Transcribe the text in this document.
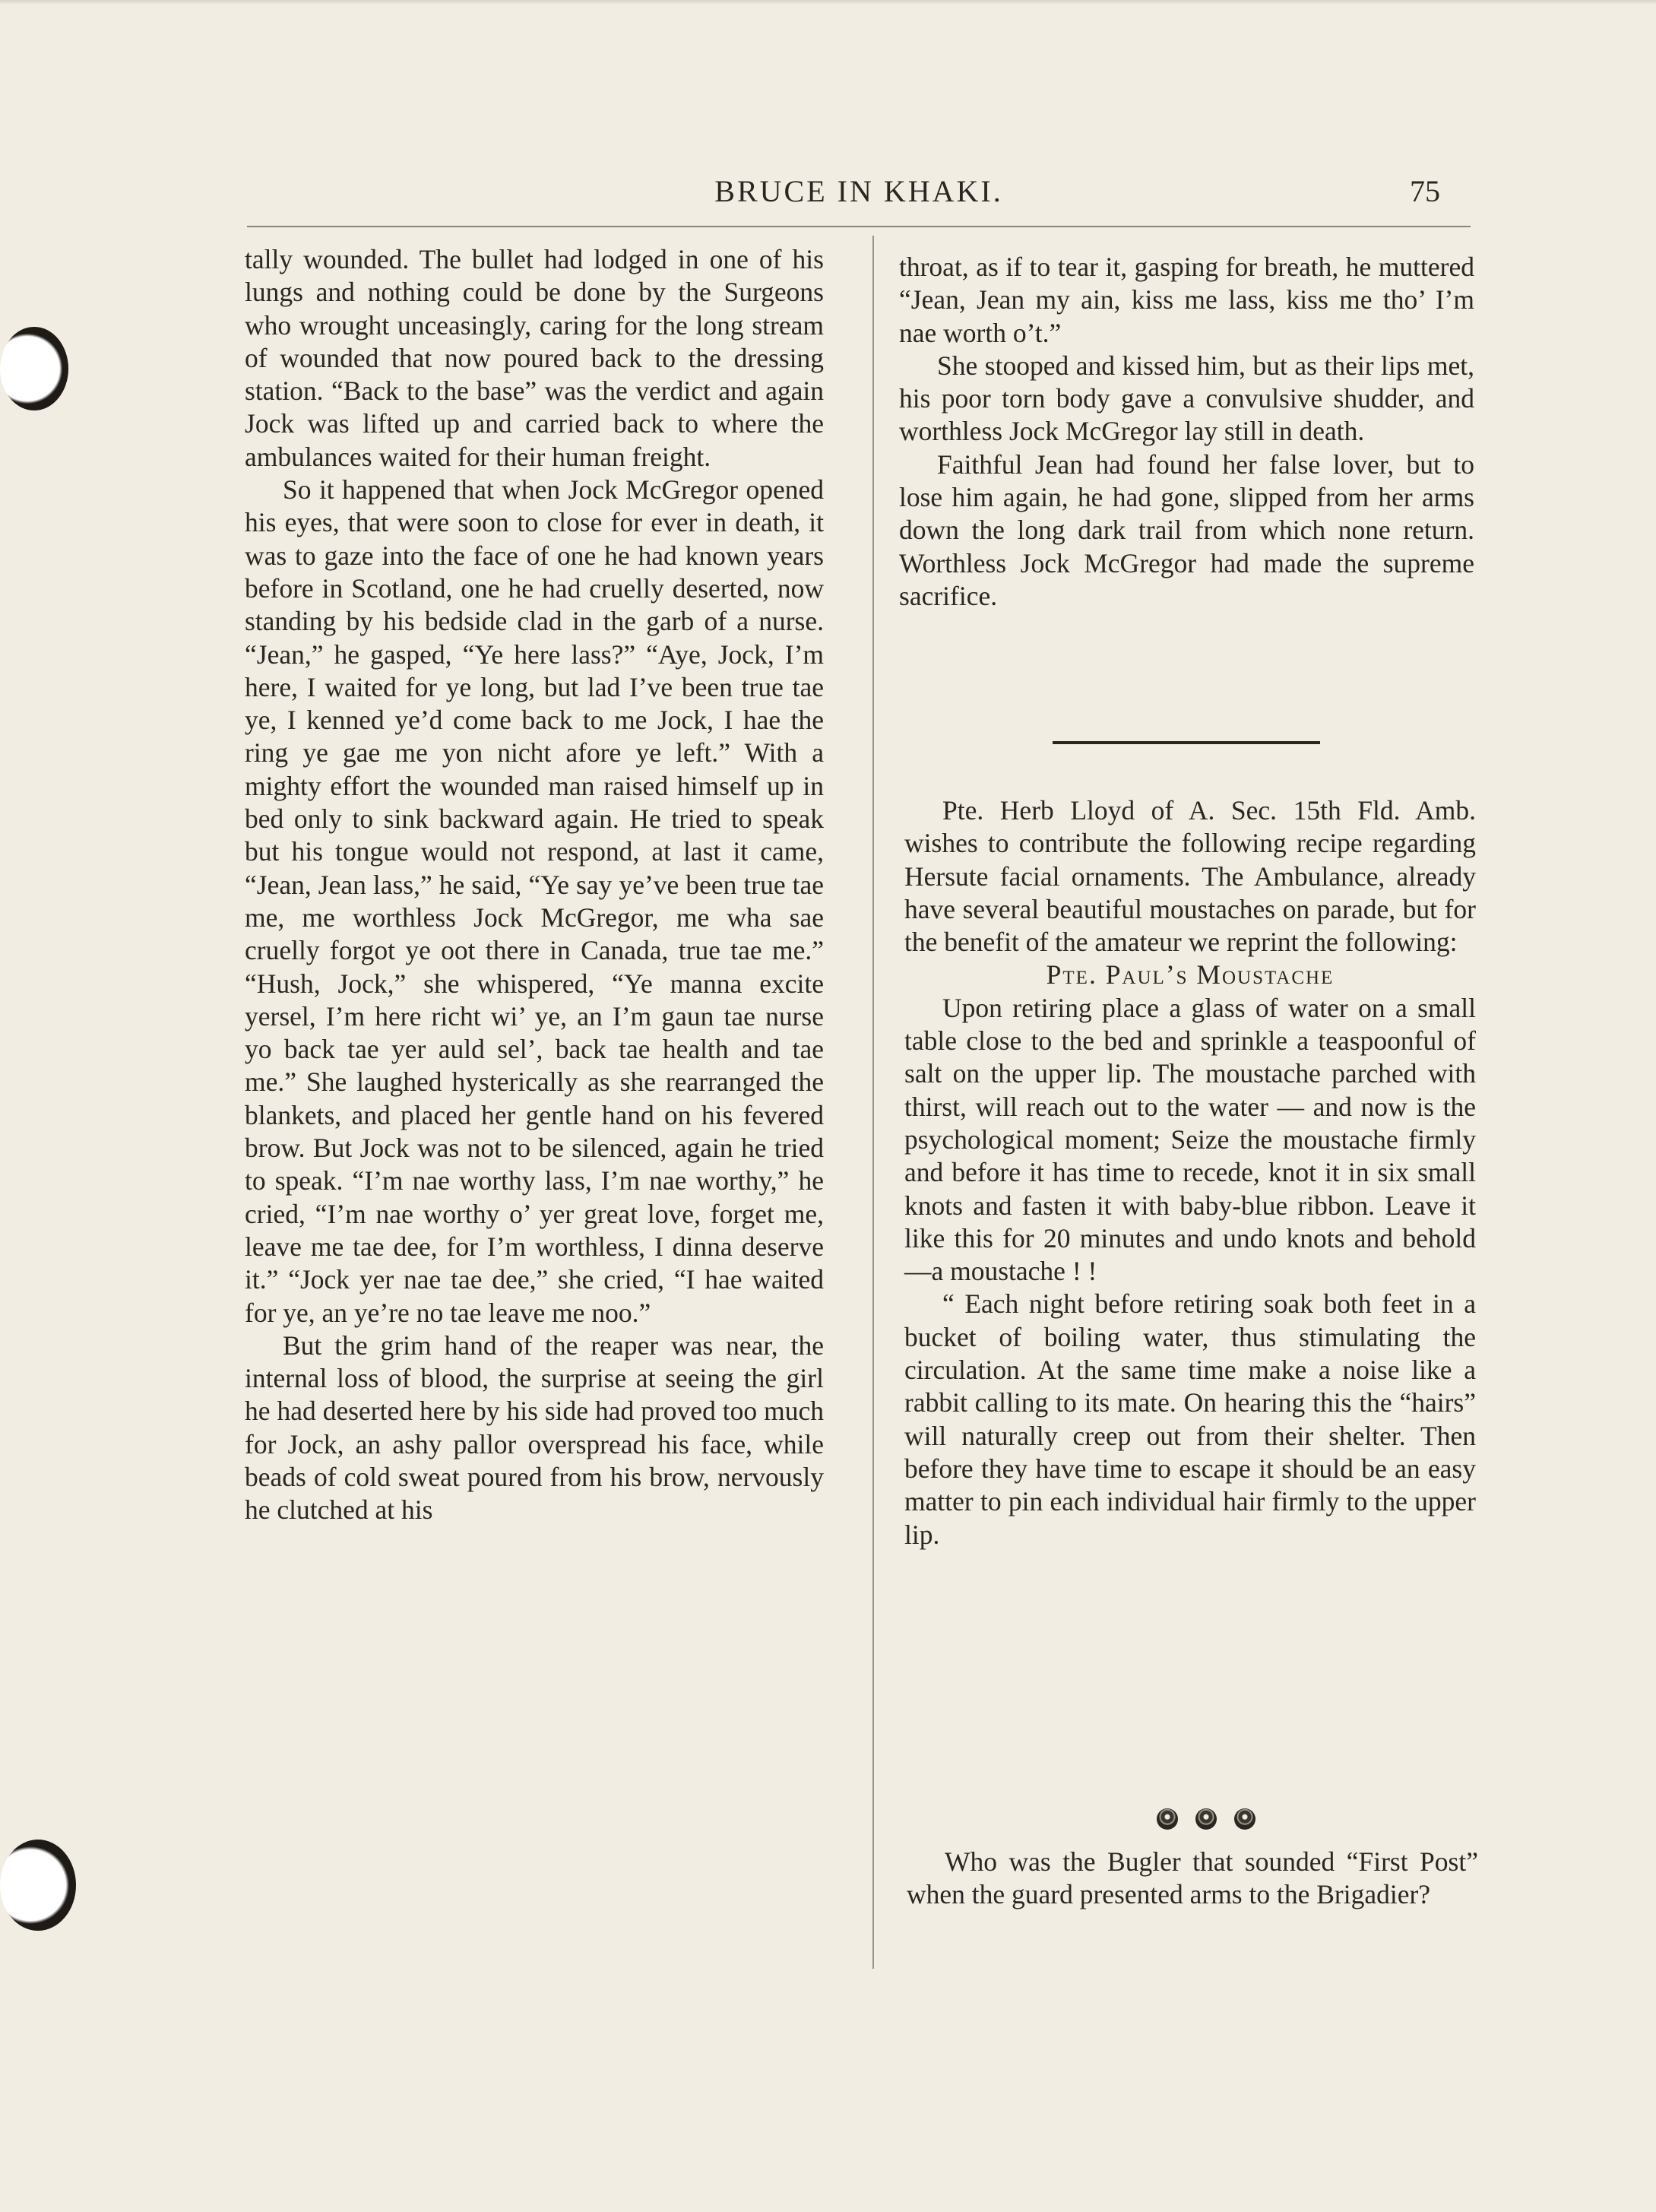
BRUCE IN KHAKI.	75

tally wounded. The bullet had lodged in one of his lungs and nothing could be done by the Surgeons who wrought unceasingly, caring for the long stream of wounded that now poured back to the dressing station. “Back to the base” was the verdict and again Jock was lifted up and carried back to where the ambulances waited for their human freight.

So it happened that when Jock McGregor opened his eyes, that were soon to close for ever in death, it was to gaze into the face of one he had known years before in Scotland, one he had cruelly deserted, now standing by his bedside clad in the garb of a nurse. “Jean,” he gasped, “Ye here lass?” “Aye, Jock, I’m here, I waited for ye long, but lad I’ve been true tae ye, I kenned ye’d come back to me Jock, I hae the ring ye gae me yon nicht afore ye left.” With a mighty effort the wounded man raised himself up in bed only to sink backward again. He tried to speak but his tongue would not respond, at last it came, “Jean, Jean lass,” he said, “Ye say ye’ve been true tae me, me worthless Jock McGregor, me wha sae cruelly forgot ye oot there in Canada, true tae me.” “Hush, Jock,” she whispered, “Ye manna excite yersel, I’m here richt wi’ ye, an I’m gaun tae nurse yo back tae yer auld sel’, back tae health and tae me.” She laughed hysterically as she rearranged the blankets, and placed her gentle hand on his fevered brow. But Jock was not to be silenced, again he tried to speak. “I’m nae worthy lass, I’m nae worthy,” he cried, “I’m nae worthy o’ yer great love, forget me, leave me tae dee, for I’m worthless, I dinna deserve it.” “Jock yer nae tae dee,” she cried, “I hae waited for ye, an ye’re no tae leave me noo.”

But the grim hand of the reaper was near, the internal loss of blood, the surprise at seeing the girl he had deserted here by his side had proved too much for Jock, an ashy pallor overspread his face, while beads of cold sweat poured from his brow, nervously he clutched at his

throat, as if to tear it, gasping for breath, he muttered “Jean, Jean my ain, kiss me lass, kiss me tho’ I’m nae worth o’t.”

She stooped and kissed him, but as their lips met, his poor torn body gave a convulsive shudder, and worthless Jock McGregor lay still in death.

Faithful Jean had found her false lover, but to lose him again, he had gone, slipped from her arms down the long dark trail from which none return. Worthless Jock McGregor had made the supreme sacrifice.

Pte. Herb Lloyd of A. Sec. 15th Fld. Amb. wishes to contribute the following recipe regarding Hersute facial ornaments. The Ambulance, already have several beautiful moustaches on parade, but for the benefit of the amateur we reprint the following:

Pte. Paul’s Moustache

Upon retiring place a glass of water on a small table close to the bed and sprinkle a teaspoonful of salt on the upper lip. The moustache parched with thirst, will reach out to the water — and now is the psychological moment; Seize the moustache firmly and before it has time to recede, knot it in six small knots and fasten it with baby-blue ribbon. Leave it like this for 20 minutes and undo knots and behold—a moustache ! !

“ Each night before retiring soak both feet in a bucket of boiling water, thus stimulating the circulation. At the same time make a noise like a rabbit calling to its mate. On hearing this the “hairs” will naturally creep out from their shelter. Then before they have time to escape it should be an easy matter to pin each individual hair firmly to the upper lip.

Who was the Bugler that sounded “First Post” when the guard presented arms to the Brigadier?
